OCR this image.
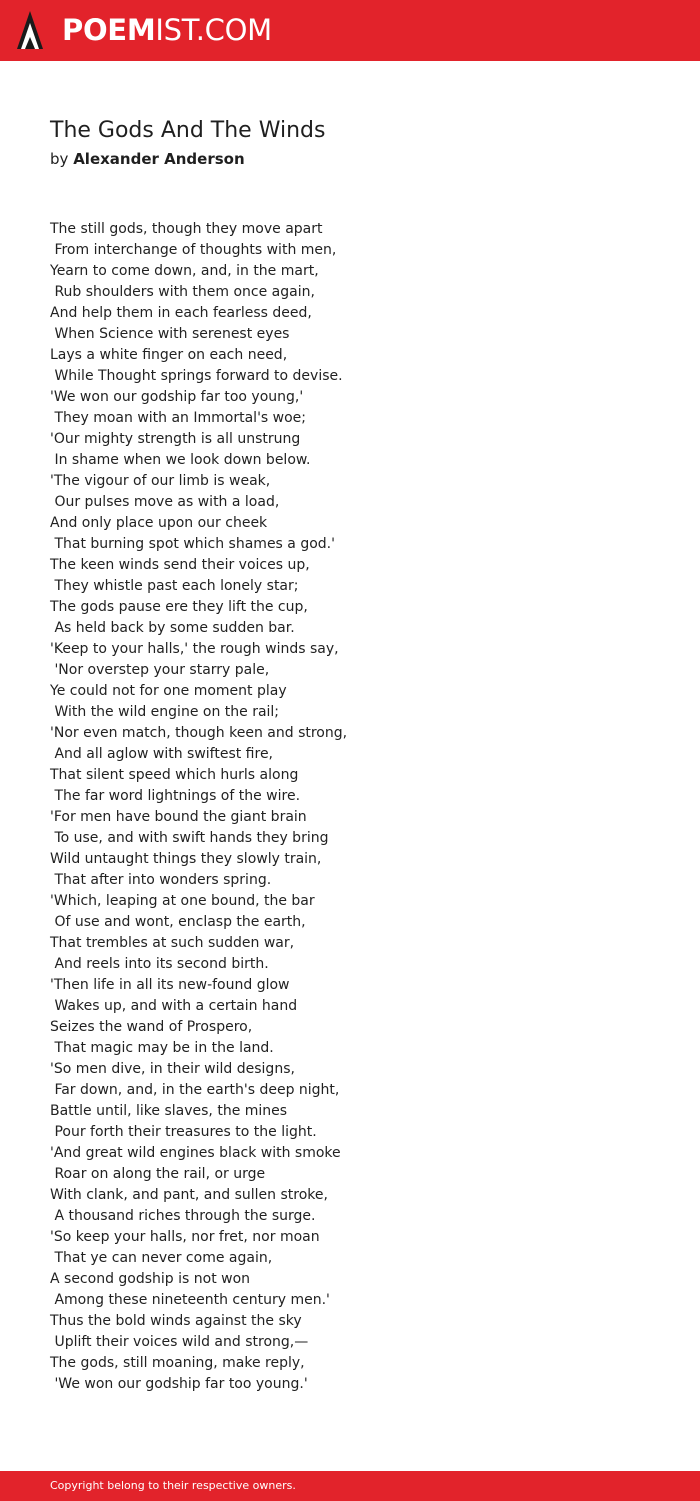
POEMIST.COM
The Gods And The Winds
by Alexander Anderson
The still gods, though they move apart
From interchange of thoughts with men,
Yearn to come down, and, in the mart,
Rub shoulders with them once again,
And help them in each fearless deed,
When Science with serenest eyes
Lays a white finger on each need,
While Thought springs forward to devise.
'We won our godship far too young,'
They moan with an Immortal's woe;
'Our mighty strength is all unstrung
In shame when we look down below.
'The vigour of our limb is weak,
Our pulses move as with a load,
And only place upon our cheek
That burning spot which shames a god.'
The keen winds send their voices up,
They whistle past each lonely star;
The gods pause ere they lift the cup,
As held back by some sudden bar.
'Keep to your halls,' the rough winds say,
'Nor overstep your starry pale,
Ye could not for one moment play
With the wild engine on the rail;
'Nor even match, though keen and strong,
And all aglow with swiftest fire,
That silent speed which hurls along
The far word lightnings of the wire.
'For men have bound the giant brain
To use, and with swift hands they bring
Wild untaught things they slowly train,
That after into wonders spring.
'Which, leaping at one bound, the bar
Of use and wont, enclasp the earth,
That trembles at such sudden war,
And reels into its second birth.
'Then life in all its new-found glow
Wakes up, and with a certain hand
Seizes the wand of Prospero,
That magic may be in the land.
'So men dive, in their wild designs,
Far down, and, in the earth's deep night,
Battle until, like slaves, the mines
Pour forth their treasures to the light.
'And great wild engines black with smoke
Roar on along the rail, or urge
With clank, and pant, and sullen stroke,
A thousand riches through the surge.
'So keep your halls, nor fret, nor moan
That ye can never come again,
A second godship is not won
Among these nineteenth century men.'
Thus the bold winds against the sky
Uplift their voices wild and strong,—
The gods, still moaning, make reply,
'We won our godship far too young.'
Copyright belong to their respective owners.
